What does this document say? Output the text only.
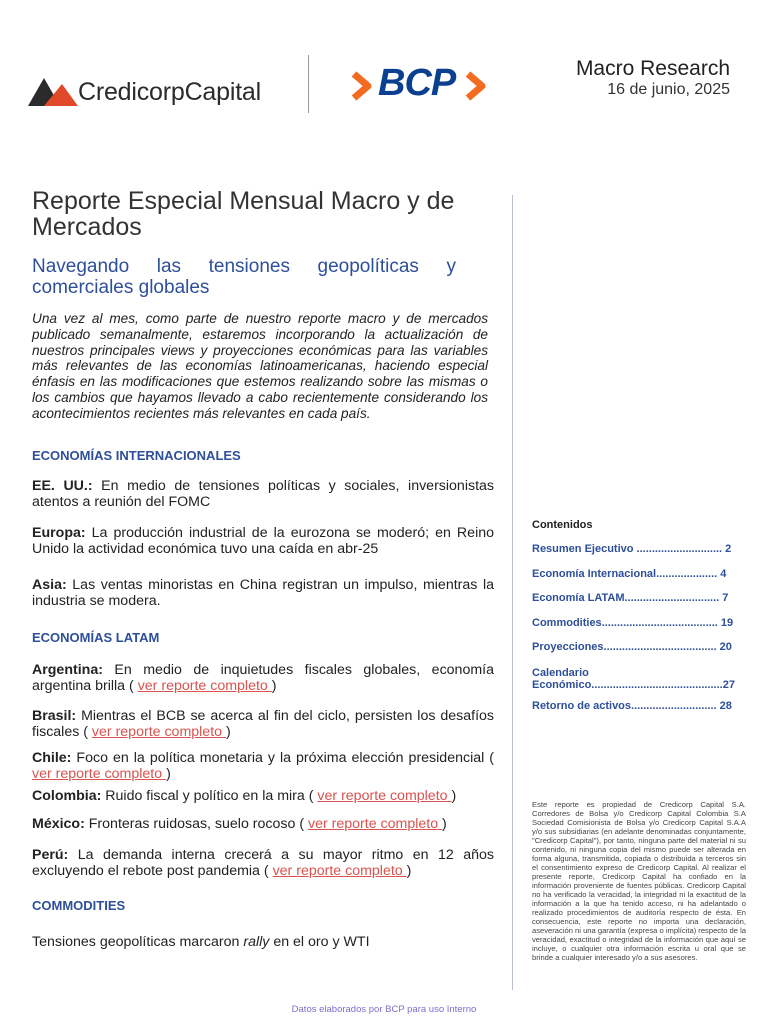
CredicorpCapital	BCP	Macro Research
16 de junio, 2025
Reporte Especial Mensual Macro y de
Mercados
Navegando las tensiones geopolíticas y
comerciales globales
Una vez al mes, como parte de nuestro reporte macro y de mercados publicado semanalmente, estaremos incorporando la actualización de nuestros principales views y proyecciones económicas para las variables más relevantes de las economías latinoamericanas, haciendo especial énfasis en las modificaciones que estemos realizando sobre las mismas o los cambios que hayamos llevado a cabo recientemente considerando los acontecimientos recientes más relevantes en cada país.
ECONOMÍAS INTERNACIONALES
EE. UU.: En medio de tensiones políticas y sociales, inversionistas atentos a reunión del FOMC
Europa: La producción industrial de la eurozona se moderó; en Reino Unido la actividad económica tuvo una caída en abr-25
Asia: Las ventas minoristas en China registran un impulso, mientras la industria se modera.
ECONOMÍAS LATAM
Argentina: En medio de inquietudes fiscales globales, economía argentina brilla ( ver reporte completo )
Brasil: Mientras el BCB se acerca al fin del ciclo, persisten los desafíos fiscales ( ver reporte completo )
Chile: Foco en la política monetaria y la próxima elección presidencial ( ver reporte completo )
Colombia: Ruido fiscal y político en la mira ( ver reporte completo )
México: Fronteras ruidosas, suelo rocoso ( ver reporte completo )
Perú: La demanda interna crecerá a su mayor ritmo en 12 años excluyendo el rebote post pandemia ( ver reporte completo )
COMMODITIES
Tensiones geopolíticas marcaron rally en el oro y WTI
Contenidos
Resumen Ejecutivo ............................ 2
Economía Internacional.................... 4
Economía LATAM............................... 7
Commodities...................................... 19
Proyecciones..................................... 20
Calendario Económico...........................................27
Retorno de activos............................ 28
Este reporte es propiedad de Credicorp Capital S.A. Corredores de Bolsa y/o Credicorp Capital Colombia S.A Sociedad Comisionista de Bolsa y/o Credicorp Capital S.A.A y/o sus subsidiarias (en adelante denominadas conjuntamente, "Credicorp Capital"), por tanto, ninguna parte del material ni su contenido, ni ninguna copia del mismo puede ser alterada en forma alguna, transmitida, copiada o distribuida a terceros sin el consentimiento expreso de Credicorp Capital. Al realizar el presente reporte, Credicorp Capital ha confiado en la información proveniente de fuentes públicas. Credicorp Capital no ha verificado la veracidad, la integridad ni la exactitud de la información a la que ha tenido acceso, ni ha adelantado o realizado procedimientos de auditoría respecto de ésta. En consecuencia, este reporte no importa una declaración, aseveración ni una garantía (expresa o implícita) respecto de la veracidad, exactitud o integridad de la información que aquí se incluye, o cualquier otra información escrita u oral que se brinde a cualquier interesado y/o a sus asesores.
Datos elaborados por BCP para uso Interno
